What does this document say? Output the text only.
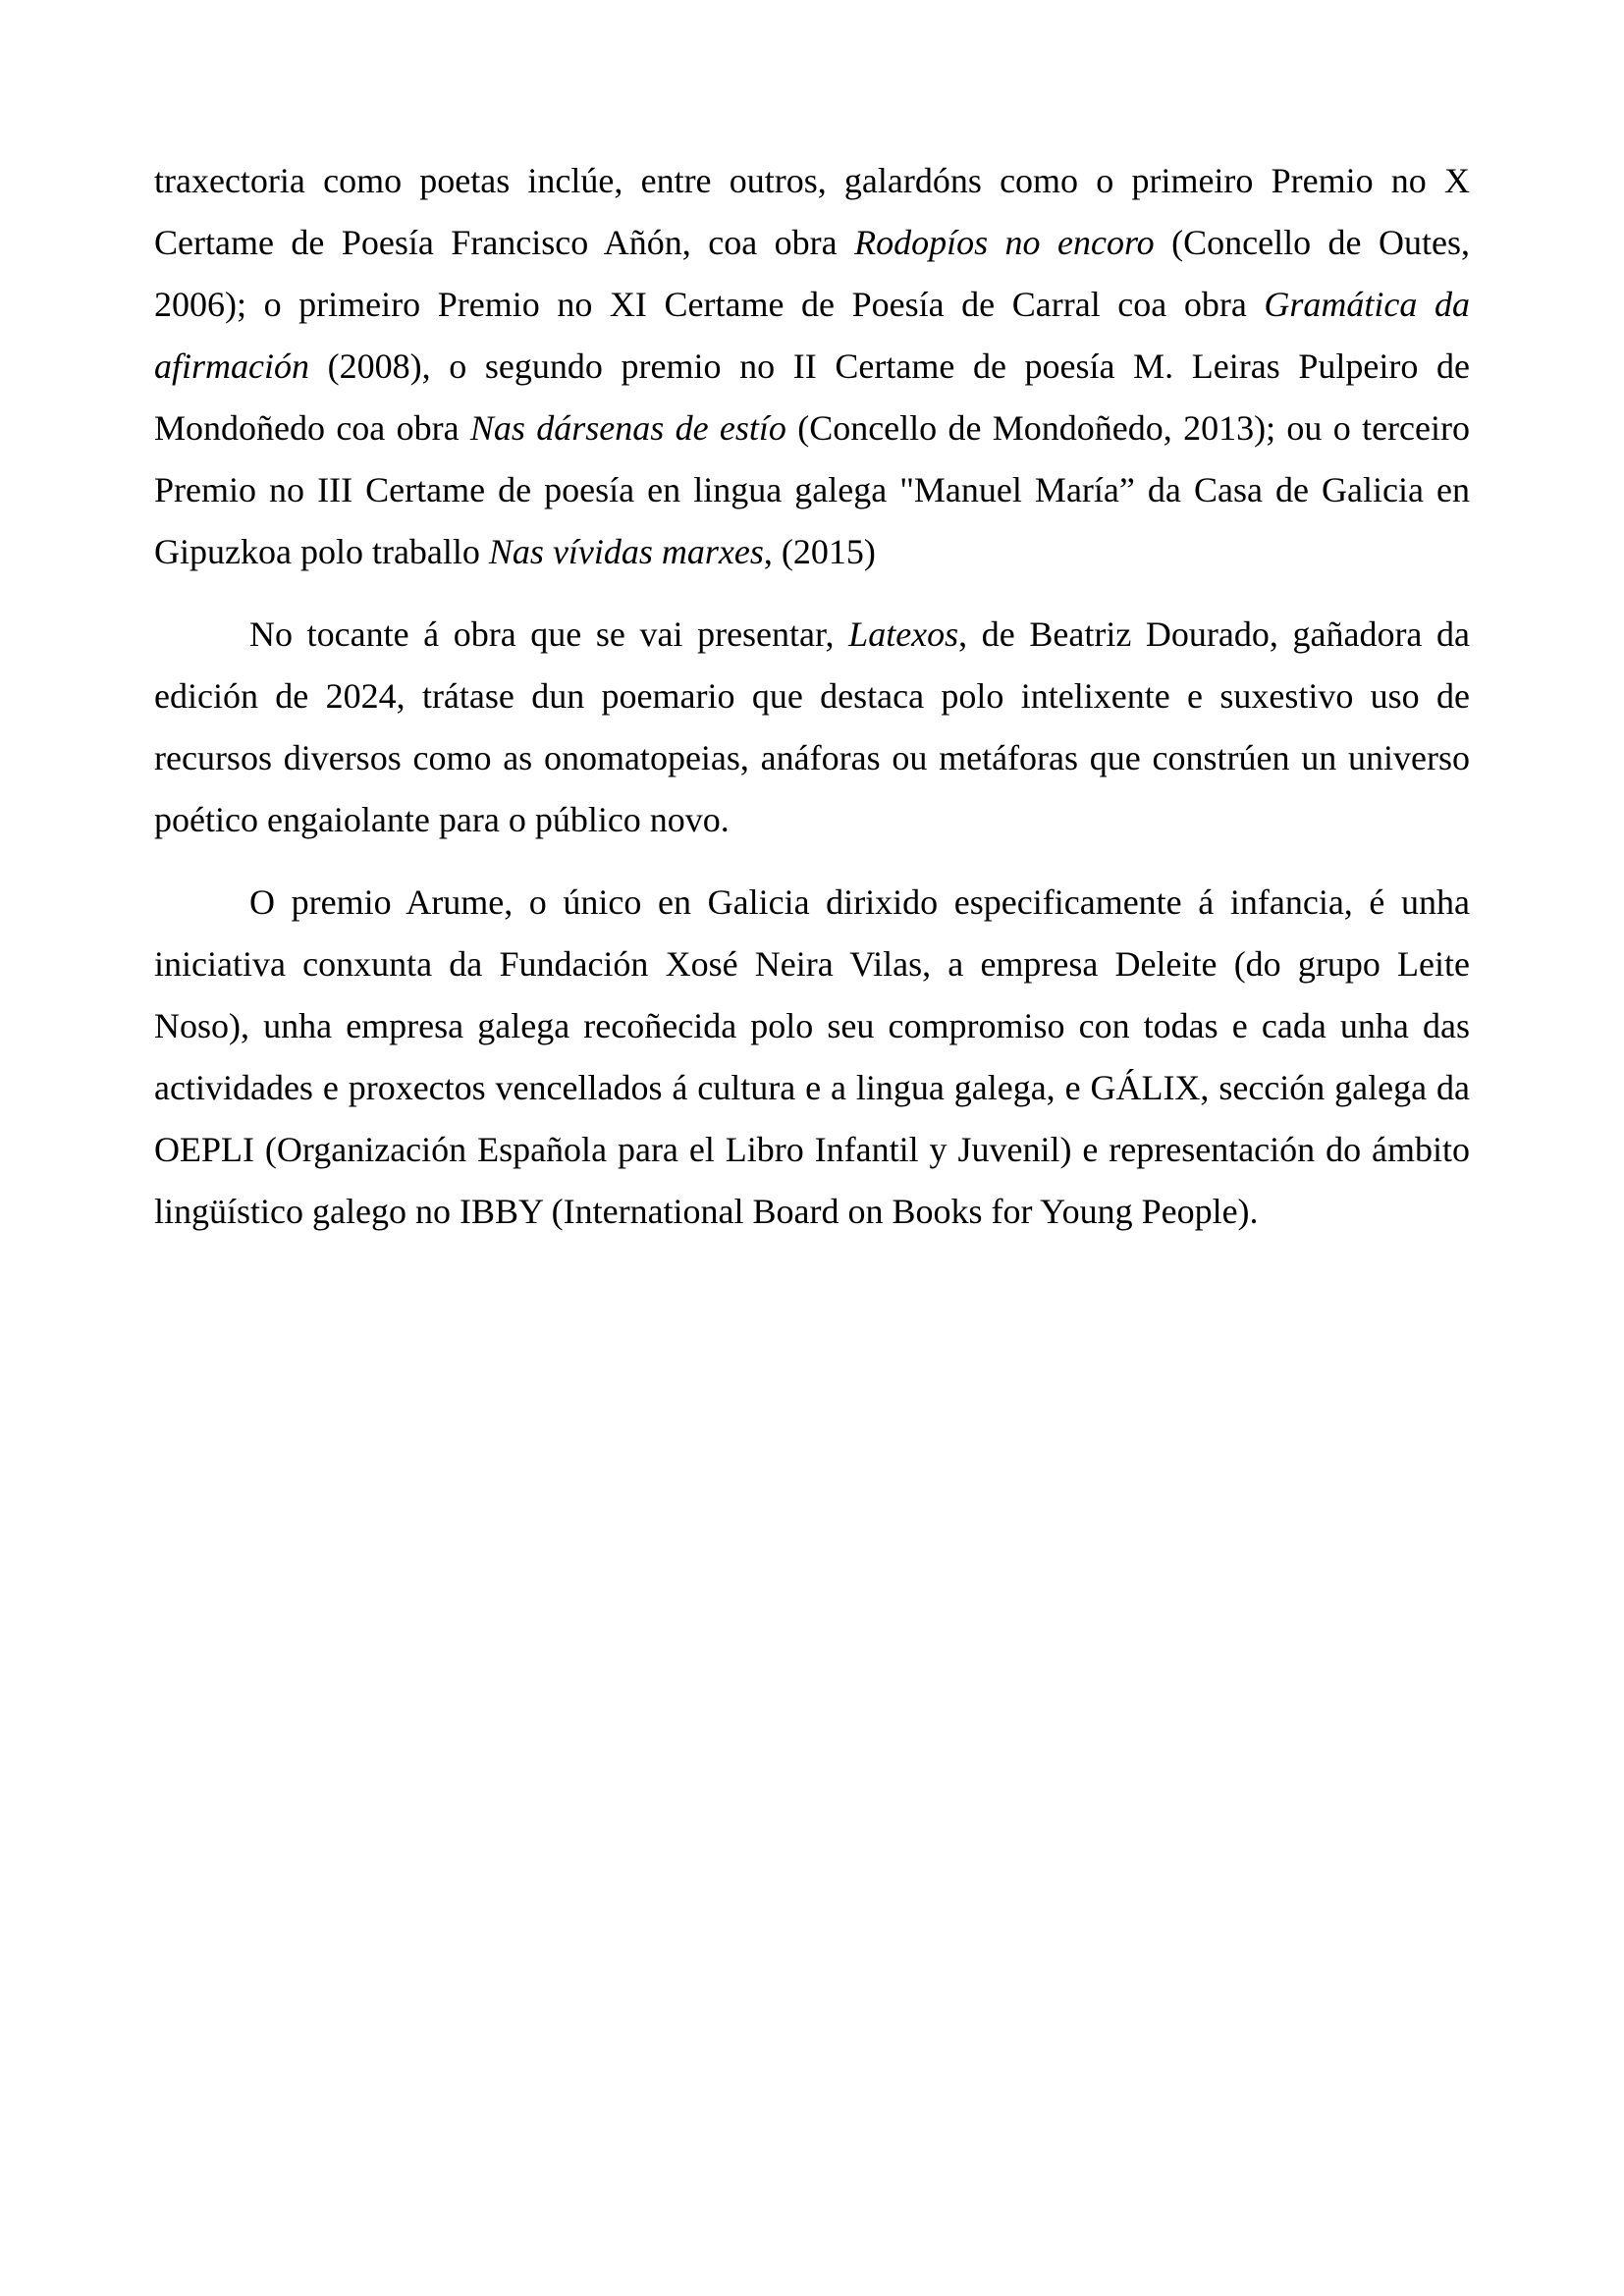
traxectoria como poetas inclúe, entre outros, galardóns como o primeiro Premio no X Certame de Poesía Francisco Añón, coa obra Rodopíos no encoro (Concello de Outes, 2006); o primeiro Premio no XI Certame de Poesía de Carral coa obra Gramática da afirmación (2008), o segundo premio no II Certame de poesía M. Leiras Pulpeiro de Mondoñedo coa obra Nas dársenas de estío (Concello de Mondoñedo, 2013); ou o terceiro Premio no III Certame de poesía en lingua galega "Manuel María” da Casa de Galicia en Gipuzkoa polo traballo Nas vívidas marxes, (2015)

No tocante á obra que se vai presentar, Latexos, de Beatriz Dourado, gañadora da edición de 2024, trátase dun poemario que destaca polo intelixente e suxestivo uso de recursos diversos como as onomatopeias, anáforas ou metáforas que constrúen un universo poético engaiolante para o público novo.

O premio Arume, o único en Galicia dirixido especificamente á infancia, é unha iniciativa conxunta da Fundación Xosé Neira Vilas, a empresa Deleite (do grupo Leite Noso), unha empresa galega recoñecida polo seu compromiso con todas e cada unha das actividades e proxectos vencellados á cultura e a lingua galega, e GÁLIX, sección galega da OEPLI (Organización Española para el Libro Infantil y Juvenil) e representación do ámbito lingüístico galego no IBBY (International Board on Books for Young People).
